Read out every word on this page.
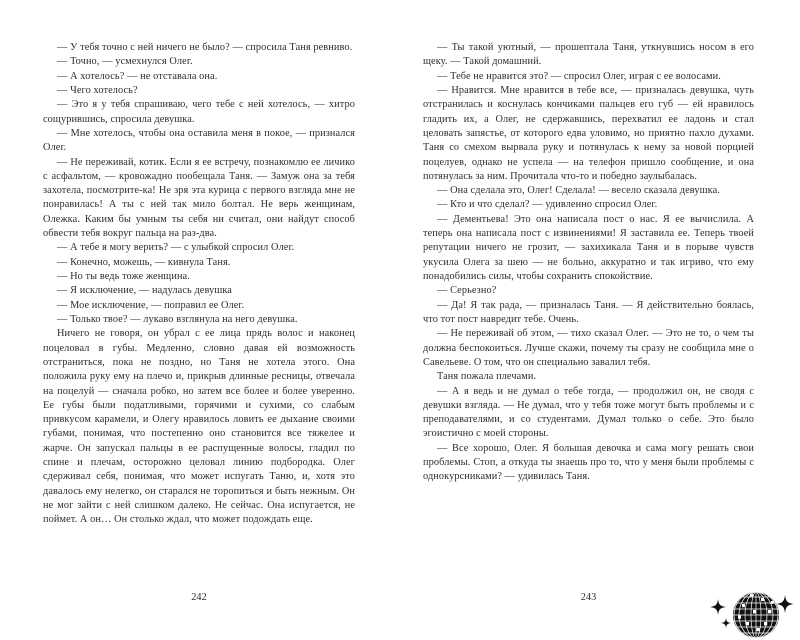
— У тебя точно с ней ничего не было? — спросила Таня ревниво.

— Точно, — усмехнулся Олег.

— А хотелось? — не отставала она.

— Чего хотелось?

— Это я у тебя спрашиваю, чего тебе с ней хотелось, — хитро сощурившись, спросила девушка.

— Мне хотелось, чтобы она оставила меня в покое, — признался Олег.

— Не переживай, котик. Если я ее встречу, познакомлю ее личико с асфальтом, — кровожадно пообещала Таня. — Замуж она за тебя захотела, посмотрите-ка! Не зря эта курица с первого взгляда мне не понравилась! А ты с ней так мило болтал. Не верь женщинам, Олежка. Каким бы умным ты себя ни считал, они найдут способ обвести тебя вокруг пальца на раз-два.

— А тебе я могу верить? — с улыбкой спросил Олег.

— Конечно, можешь, — кивнула Таня.

— Но ты ведь тоже женщина.

— Я исключение, — надулась девушка

— Мое исключение, — поправил ее Олег.

— Только твое? — лукаво взглянула на него девушка.

Ничего не говоря, он убрал с ее лица прядь волос и наконец поцеловал в губы. Медленно, словно давая ей возможность отстраниться, пока не поздно, но Таня не хотела этого. Она положила руку ему на плечо и, прикрыв длинные ресницы, отвечала на поцелуй — сначала робко, но затем все более и более уверенно. Ее губы были податливыми, горячими и сухими, со слабым привкусом карамели, и Олегу нравилось ловить ее дыхание своими губами, понимая, что постепенно оно становится все тяжелее и жарче. Он запускал пальцы в ее распущенные волосы, гладил по спине и плечам, осторожно целовал линию подбородка. Олег сдерживал себя, понимая, что может испугать Таню, и, хотя это давалось ему нелегко, он старался не торопиться и быть нежным. Он не мог зайти с ней слишком далеко. Не сейчас. Она испугается, не поймет. А он… Он столько ждал, что может подождать еще.

242

— Ты такой уютный, — прошептала Таня, уткнувшись носом в его щеку. — Такой домашний.

— Тебе не нравится это? — спросил Олег, играя с ее волосами.

— Нравится. Мне нравится в тебе все, — призналась девушка, чуть отстранилась и коснулась кончиками пальцев его губ — ей нравилось гладить их, а Олег, не сдержавшись, перехватил ее ладонь и стал целовать запястье, от которого едва уловимо, но приятно пахло духами. Таня со смехом вырвала руку и потянулась к нему за новой порцией поцелуев, однако не успела — на телефон пришло сообщение, и она потянулась за ним. Прочитала что-то и победно заулыбалась.

— Она сделала это, Олег! Сделала! — весело сказала девушка.

— Кто и что сделал? — удивленно спросил Олег.

— Дементьева! Это она написала пост о нас. Я ее вычислила. А теперь она написала пост с извинениями! Я заставила ее. Теперь твоей репутации ничего не грозит, — захихикала Таня и в порыве чувств укусила Олега за шею — не больно, аккуратно и так игриво, что ему понадобились силы, чтобы сохранить спокойствие.

— Серьезно?

— Да! Я так рада, — призналась Таня. — Я действительно боялась, что тот пост навредит тебе. Очень.

— Не переживай об этом, — тихо сказал Олег. — Это не то, о чем ты должна беспокоиться. Лучше скажи, почему ты сразу не сообщила мне о Савельеве. О том, что он специально завалил тебя.

Таня пожала плечами.

— А я ведь и не думал о тебе тогда, — продолжил он, не сводя с девушки взгляда. — Не думал, что у тебя тоже могут быть проблемы и с преподавателями, и со студентами. Думал только о себе. Это было эгоистично с моей стороны.

— Все хорошо, Олег. Я большая девочка и сама могу решать свои проблемы. Стоп, а откуда ты знаешь про то, что у меня были проблемы с однокурсниками? — удивилась Таня.

243
